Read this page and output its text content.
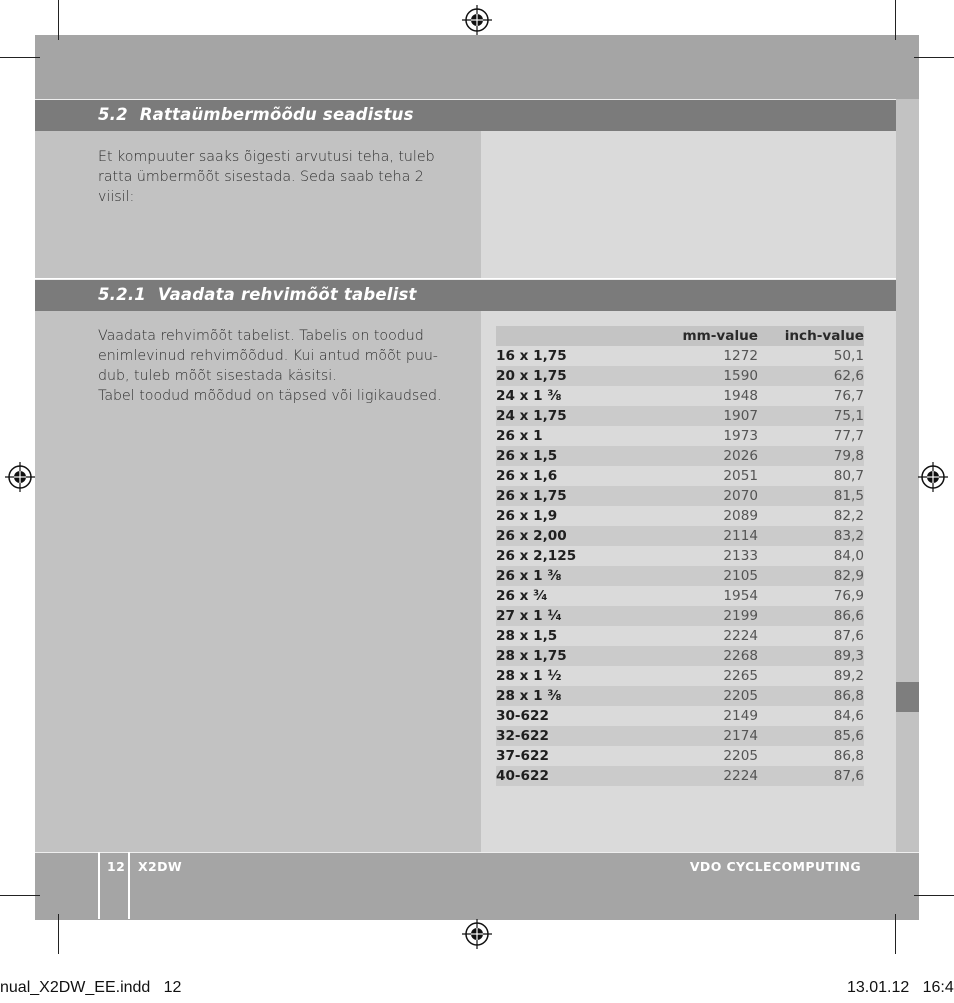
5.2 Rattaümbermõõdu seadistus
Et kompuuter saaks õigesti arvutusi teha, tuleb ratta ümbermõõt sisestada. Seda saab teha 2 viisil:
5.2.1 Vaadata rehvimõõt tabelist
Vaadata rehvimõõt tabelist. Tabelis on toodud enimlevinud rehvimõõdud. Kui antud mõõt puu-dub, tuleb mõõt sisestada käsitsi.
Tabel toodud mõõdud on täpsed või ligikaudsed.
	mm-value	inch-value
16 x 1,75	1272	50,1
20 x 1,75	1590	62,6
24 x 1 ³⁄₈	1948	76,7
24 x 1,75	1907	75,1
26 x 1	1973	77,7
26 x 1,5	2026	79,8
26 x 1,6	2051	80,7
26 x 1,75	2070	81,5
26 x 1,9	2089	82,2
26 x 2,00	2114	83,2
26 x 2,125	2133	84,0
26 x 1 ³⁄₈	2105	82,9
26 x ³⁄₄	1954	76,9
27 x 1 ¹⁄₄	2199	86,6
28 x 1,5	2224	87,6
28 x 1,75	2268	89,3
28 x 1 ¹⁄₂	2265	89,2
28 x 1 ³⁄₈	2205	86,8
30-622	2149	84,6
32-622	2174	85,6
37-622	2205	86,8
40-622	2224	87,6
12 X2DW	VDO CYCLECOMPUTING
nual_X2DW_EE.indd 12	13.01.12 16:4
